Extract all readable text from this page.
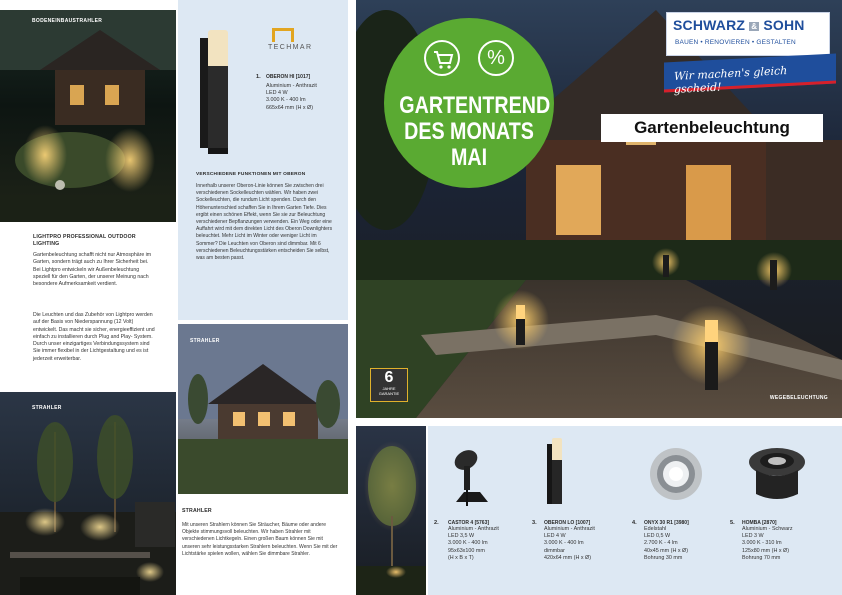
BODENEINBAUSTRAHLER
LIGHTPRO PROFESSIONAL OUTDOOR LIGHTING
Gartenbeleuchtung schafft nicht nur Atmosphäre im Garten, sondern trägt auch zu Ihrer Sicherheit bei. Bei Lightpro entwickeln wir Außenbeleuchtung speziell für den Garten, der unserer Meinung nach besondere Aufmerksamkeit verdient.
Die Leuchten und das Zubehör von Lightpro werden auf der Basis von Niederspannung (12 Volt) entwickelt. Das macht sie sicher, energieeffizient und einfach zu installieren durch Plug and Play- System. Durch unser einzigartiges Verbindungssystem sind Sie immer flexibel in der Lichtgestaltung und es ist jederzeit erweiterbar.
STRAHLER
TECHMAR
1. OBERON HI [1017]
Aluminium - Anthrazit
LED 4 W
3.000 K - 400 lm
665x64 mm (H x Ø)
VERSCHIEDENE FUNKTIONEN MIT OBERON
Innerhalb unserer Oberon-Linie können Sie zwischen drei verschiedenen Sockelleuchten wählen. Wir haben zwei Sockelleuchten, die rundum Licht spenden. Durch den Höhenunterschied schaffen Sie in Ihrem Garten Tiefe. Dies ergibt einen schönen Effekt, wenn Sie sie zur Beleuchtung verschiedener Bepflanzungen verwenden. Ein Weg oder eine Auffahrt wird mit dem direkten Licht des Oberon Downlighters beleuchtet. Mehr Licht im Winter oder weniger Licht im Sommer? Die Leuchten von Oberon sind dimmbar. Mit 6 verschiedenen Beleuchtungsstärken entscheiden Sie selbst, was am besten passt.
STRAHLER
STRAHLER
Mit unseren Strahlern können Sie Sträucher, Bäume oder andere Objekte stimmungsvoll beleuchten. Wir haben Strahler mit verschiedenen Lichtkegeln. Einen großen Baum können Sie mit unseren sehr leistungsstarken Strahlern beleuchten. Wenn Sie mit der Lichtstärke spielen wollen, wählen Sie dimmbare Strahler.
WEGEBELEUCHTUNG
%
GARTENTREND
DES MONATS
MAI
SCHWARZ & SOHN
BAUEN • RENOVIEREN • GESTALTEN
Wir machen's gleich gscheid!
Gartenbeleuchtung
6
JAHRE
GARANTIE
2. CASTOR 4 [5763]
Aluminium - Anthrazit
LED 3,5 W
3.000 K - 400 lm
95x63x100 mm
(H x B x T)
3. OBERON LO [1007]
Aluminium - Anthrazit
LED 4 W
3.000 K - 400 lm
dimmbar
420x64 mm (H x Ø)
4. ONYX 30 R1 [3980]
Edelstahl
LED 0,5 W
2.700 K - 4 lm
40x45 mm (H x Ø)
Bohrung 30 mm
5. HOMBA [2870]
Aluminium - Schwarz
LED 3 W
3.000 K - 310 lm
125x80 mm (H x Ø)
Bohrung 70 mm
